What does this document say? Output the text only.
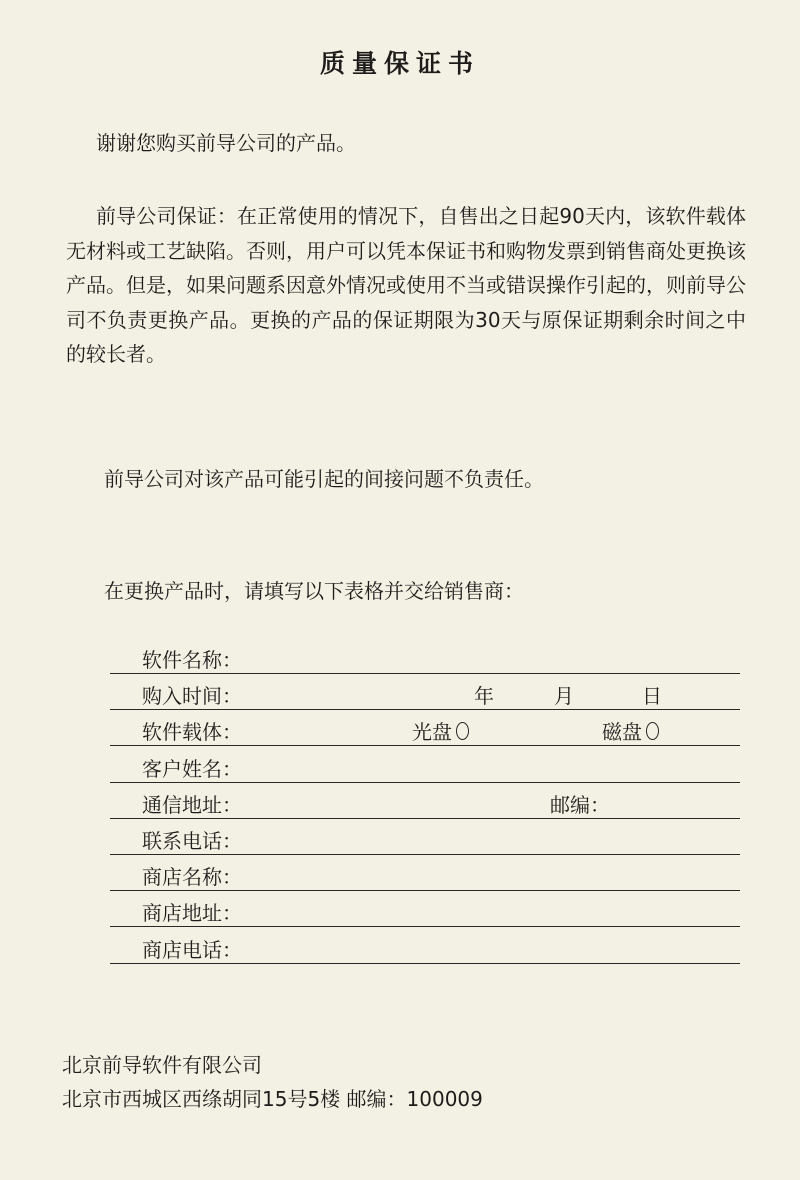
质量保证书

谢谢您购买前导公司的产品。

前导公司保证：在正常使用的情况下，自售出之日起90天内，该软件载体无材料或工艺缺陷。否则，用户可以凭本保证书和购物发票到销售商处更换该产品。但是，如果问题系因意外情况或使用不当或错误操作引起的，则前导公司不负责更换产品。更换的产品的保证期限为30天与原保证期剩余时间之中的较长者。

前导公司对该产品可能引起的间接问题不负责任。

在更换产品时，请填写以下表格并交给销售商：

软件名称：
购入时间：	年	月	日
软件载体：	光盘	磁盘
客户姓名：
通信地址：	邮编：
联系电话：
商店名称：
商店地址：
商店电话：
北京前导软件有限公司
北京市西城区西绦胡同15号5楼 邮编：100009
